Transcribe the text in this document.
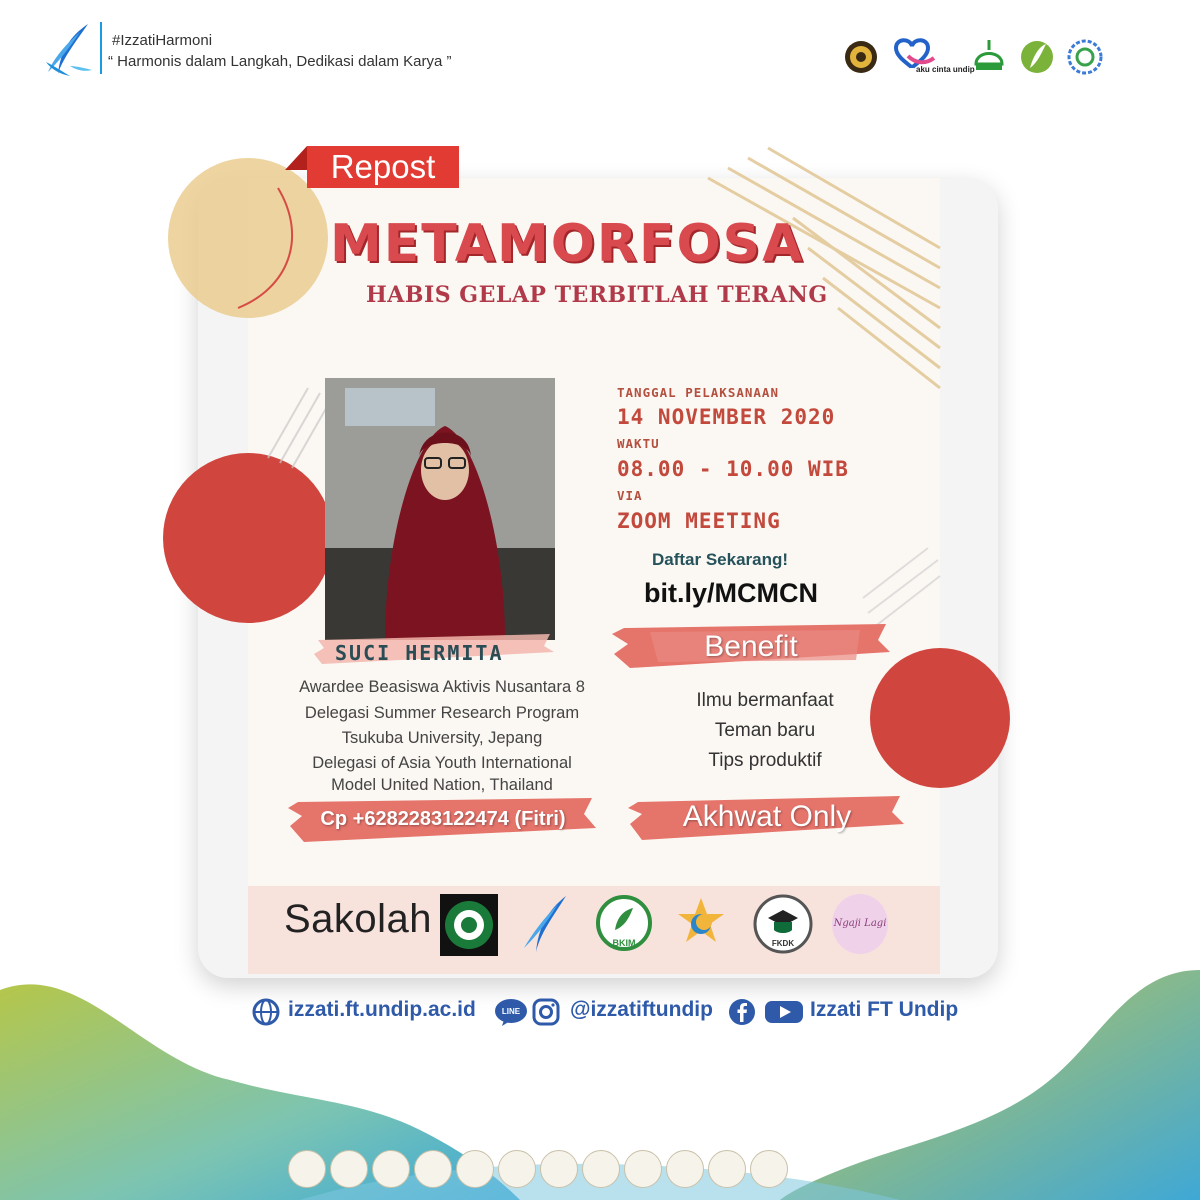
#IzzatiHarmoni
“ Harmonis dalam Langkah, Dedikasi dalam Karya ”	aku cinta undip
Repost
METAMORFOSA
HABIS GELAP TERBITLAH TERANG
SUCI HERMITA
Awardee Beasiswa Aktivis Nusantara 8
Delegasi Summer Research Program
Tsukuba University, Jepang
Delegasi of Asia Youth International
Model United Nation, Thailand
TANGGAL PELAKSANAAN
14 NOVEMBER 2020
WAKTU
08.00 - 10.00 WIB
VIA
ZOOM MEETING
Daftar Sekarang!
bit.ly/MCMCN
Benefit
Ilmu bermanfaat
Teman baru
Tips produktif
Cp +6282283122474 (Fitri)	Akhwat Only
Sakolah
BKIM	FKDK
Ngaji Lagi
izzati.ft.undip.ac.id	LINE @izzatiftundip	Izzati FT Undip
